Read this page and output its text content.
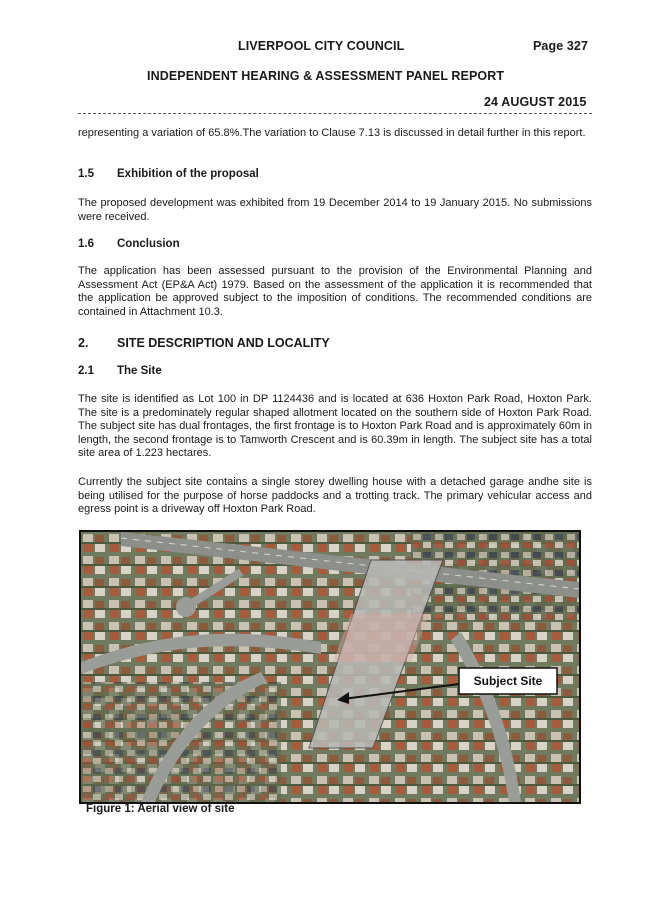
LIVERPOOL CITY COUNCIL	Page 327
INDEPENDENT HEARING & ASSESSMENT PANEL REPORT
24 AUGUST 2015
representing a variation of 65.8%.The variation to Clause 7.13 is discussed in detail further in this report.
1.5 Exhibition of the proposal
The proposed development was exhibited from 19 December 2014 to 19 January 2015. No submissions were received.
1.6 Conclusion
The application has been assessed pursuant to the provision of the Environmental Planning and Assessment Act (EP&A Act) 1979. Based on the assessment of the application it is recommended that the application be approved subject to the imposition of conditions. The recommended conditions are contained in Attachment 10.3.
2. SITE DESCRIPTION AND LOCALITY
2.1 The Site
The site is identified as Lot 100 in DP 1124436 and is located at 636 Hoxton Park Road, Hoxton Park. The site is a predominately regular shaped allotment located on the southern side of Hoxton Park Road. The subject site has dual frontages, the first frontage is to Hoxton Park Road and is approximately 60m in length, the second frontage is to Tamworth Crescent and is 60.39m in length. The subject site has a total site area of 1.223 hectares.
Currently the subject site contains a single storey dwelling house with a detached garage andhe site is being utilised for the purpose of horse paddocks and a trotting track. The primary vehicular access and egress point is a driveway off Hoxton Park Road.
Subject Site
Figure 1: Aerial view of site
